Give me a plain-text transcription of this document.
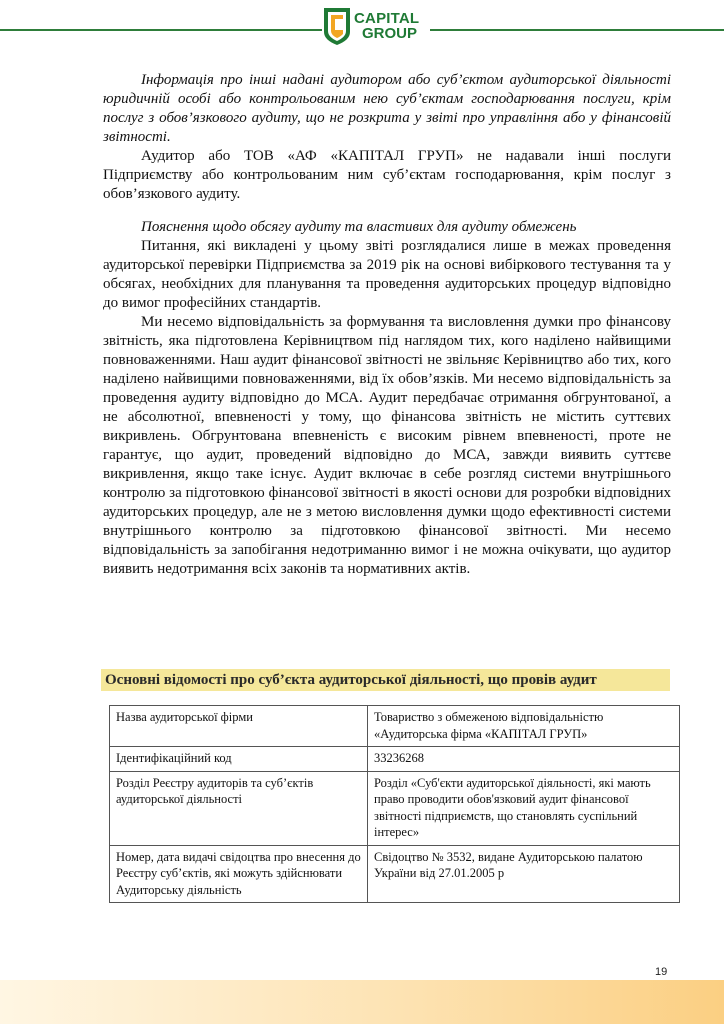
CAPITAL
GROUP

Інформація про інші надані аудитором або суб’єктом аудиторської діяльності юридичній особі або контрольованим нею суб’єктам господарювання послуги, крім послуг з обов’язкового аудиту, що не розкрита у звіті про управління або у фінансовій звітності.

Аудитор або ТОВ «АФ «КАПІТАЛ ГРУП» не надавали інші послуги Підприємству або контрольованим ним суб’єктам господарювання, крім послуг з обов’язкового аудиту.

Пояснення щодо обсягу аудиту та властивих для аудиту обмежень

Питання, які викладені у цьому звіті розглядалися лише в межах проведення аудиторської перевірки Підприємства за 2019 рік на основі вибіркового тестування та у обсягах, необхідних для планування та проведення аудиторських процедур відповідно до вимог професійних стандартів.

Ми несемо відповідальність за формування та висловлення думки про фінансову звітність, яка підготовлена Керівництвом під наглядом тих, кого наділено найвищими повноваженнями. Наш аудит фінансової звітності не звільняє Керівництво або тих, кого наділено найвищими повноваженнями, від їх обов’язків. Ми несемо відповідальність за проведення аудиту відповідно до МСА. Аудит передбачає отримання обгрунтованої, а не абсолютної, впевненості у тому, що фінансова звітність не містить суттєвих викривлень. Обгрунтована впевненість є високим рівнем впевненості, проте не гарантує, що аудит, проведений відповідно до МСА, завжди виявить суттєве викривлення, якщо таке існує. Аудит включає в себе розгляд системи внутрішнього контролю за підготовкою фінансової звітності в якості основи для розробки відповідних аудиторських процедур, але не з метою висловлення думки щодо ефективності системи внутрішнього контролю за підготовкою фінансової звітності. Ми несемо відповідальність за запобігання недотриманню вимог і не можна очікувати, що аудитор виявить недотримання всіх законів та нормативних актів.

Основні відомості про суб’єкта аудиторської діяльності, що провів аудит
Назва аудиторської фірми	Товариство з обмеженою відповідальністю «Аудиторська фірма «КАПІТАЛ ГРУП»
Ідентифікаційний код	33236268
Розділ Реєстру аудиторів та суб’єктів аудиторської діяльності	Розділ «Суб'єкти аудиторської діяльності, які мають право проводити обов'язковий аудит фінансової звітності підприємств, що становлять суспільний інтерес»
Номер, дата видачі свідоцтва про внесення до Реєстру суб’єктів, які можуть здійснювати Аудиторську діяльність	Свідоцтво № 3532, видане Аудиторською палатою України від 27.01.2005 р
19
